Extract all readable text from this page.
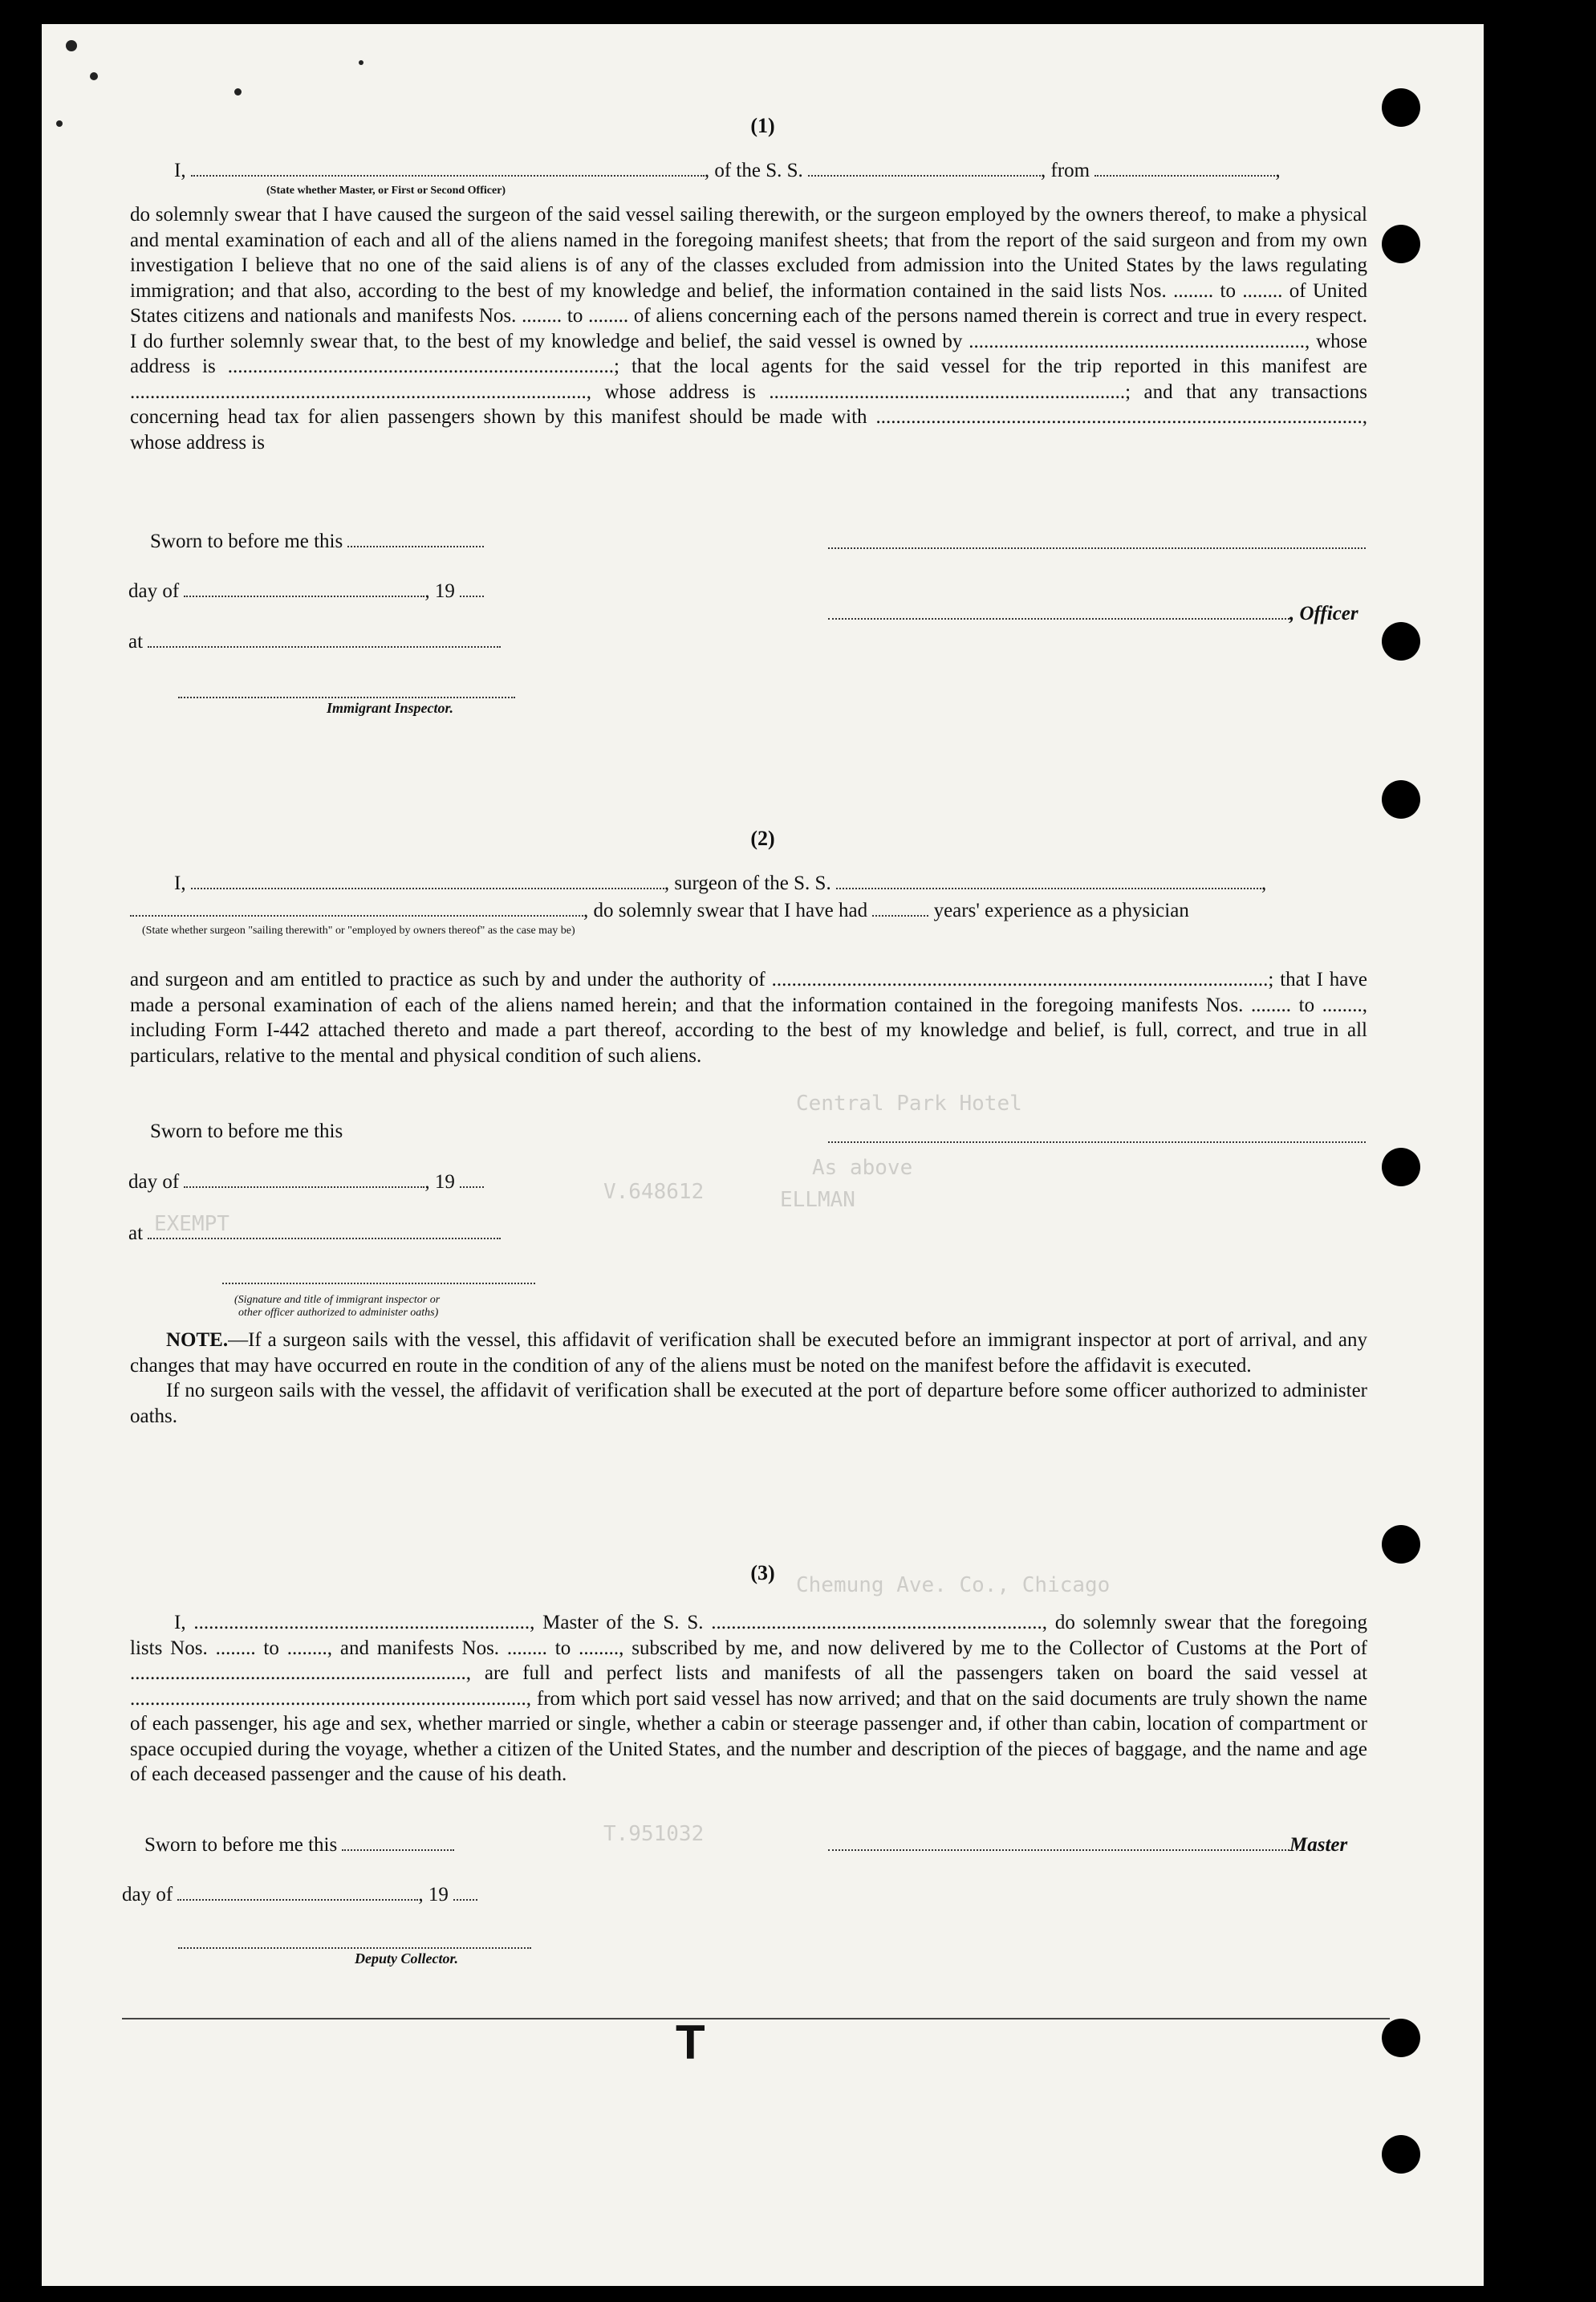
Central Park Hotel
As above
ELLMAN
V.648612
T.951032
EXEMPT
Chemung Ave. Co., Chicago
(1)
I,	, of the S. S.	, from	,
(State whether Master, or First or Second Officer)

do solemnly swear that I have caused the surgeon of the said vessel sailing therewith, or the surgeon employed by the owners thereof, to make a physical and mental examination of each and all of the aliens named in the foregoing manifest sheets; that from the report of the said surgeon and from my own investigation I believe that no one of the said aliens is of any of the classes excluded from admission into the United States by the laws regulating immigration; and that also, according to the best of my knowledge and belief, the information contained in the said lists Nos. ........ to ........ of United States citizens and nationals and manifests Nos. ........ to ........ of aliens concerning each of the persons named therein is correct and true in every respect. I do further solemnly swear that, to the best of my knowledge and belief, the said vessel is owned by ..................................................................., whose address is .............................................................................; that the local agents for the said vessel for the trip reported in this manifest are ..........................................................................................., whose address is .......................................................................; and that any transactions concerning head tax for alien passengers shown by this manifest should be made with ................................................................................................., whose address is

Sworn to before me this
day of	, 19
, Officer
at
Immigrant Inspector.
(2)
I,	, surgeon of the S. S.	,
, do solemnly swear that I have had	years' experience as a physician
(State whether surgeon "sailing therewith" or "employed by owners thereof" as the case may be)

and surgeon and am entitled to practice as such by and under the authority of ...................................................................................................; that I have made a personal examination of each of the aliens named herein; and that the information contained in the foregoing manifests Nos. ........ to ........, including Form I-442 attached thereto and made a part thereof, according to the best of my knowledge and belief, is full, correct, and true in all particulars, relative to the mental and physical condition of such aliens.

Sworn to before me this
day of	, 19
at
(Signature and title of immigrant inspector or
other officer authorized to administer oaths)

NOTE.—If a surgeon sails with the vessel, this affidavit of verification shall be executed before an immigrant inspector at port of arrival, and any changes that may have occurred en route in the condition of any of the aliens must be noted on the manifest before the affidavit is executed.

If no surgeon sails with the vessel, the affidavit of verification shall be executed at the port of departure before some officer authorized to administer oaths.

(3)

I, ..................................................................., Master of the S. S. .................................................................., do solemnly swear that the foregoing lists Nos. ........ to ........, and manifests Nos. ........ to ........, subscribed by me, and now delivered by me to the Collector of Customs at the Port of ..................................................................., are full and perfect lists and manifests of all the passengers taken on board the said vessel at ..............................................................................., from which port said vessel has now arrived; and that on the said documents are truly shown the name of each passenger, his age and sex, whether married or single, whether a cabin or steerage passenger and, if other than cabin, location of compartment or space occupied during the voyage, whether a citizen of the United States, and the number and description of the pieces of baggage, and the name and age of each deceased passenger and the cause of his death.

Sworn to before me this	Master
day of	, 19
Deputy Collector.
T
